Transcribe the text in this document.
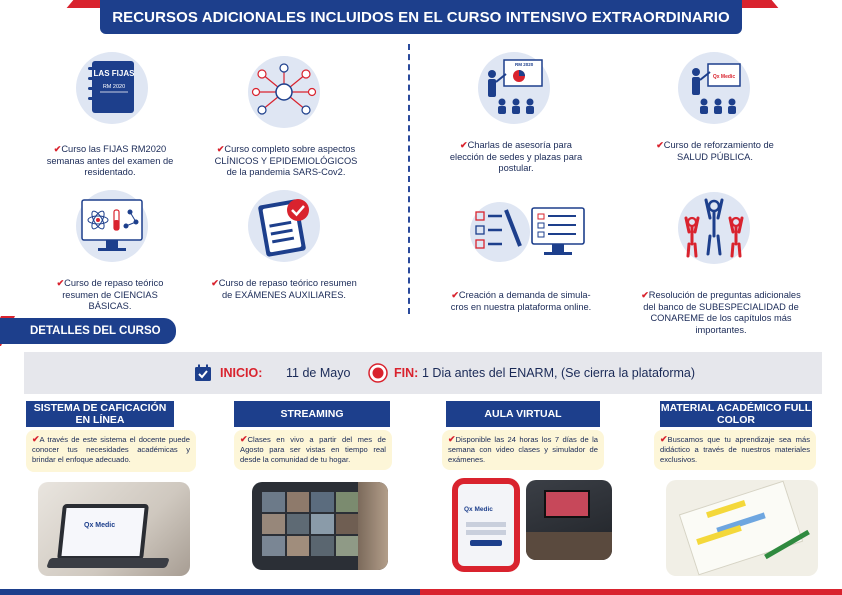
RECURSOS ADICIONALES INCLUIDOS EN EL CURSO INTENSIVO EXTRAORDINARIO
LAS FIJAS
RM 2020
✔Curso las FIJAS RM2020
semanas antes del examen de
residentado.
✔Curso completo sobre aspectos
CLÍNICOS Y EPIDEMIOLÓGICOS
de la pandemia SARS-Cov2.
RM 2020
✔Charlas de asesoría para
elección de sedes y plazas para
postular.
Qx Medic
✔Curso de reforzamiento de
SALUD PÚBLICA.
✔Curso de repaso teórico
resumen de CIENCIAS
BÁSICAS.
✔Curso de repaso teórico resumen
de EXÁMENES AUXILIARES.	✔Creación a demanda de simula-
cros en nuestra plataforma online.
✔Resolución de preguntas adicionales
del banco de SUBESPECIALIDAD de
CONAREME de los capítulos más
importantes.
DETALLES DEL CURSO
INICIO: 11 de Mayo	FIN: 1 Dia antes del ENARM, (Se cierra la plataforma)
SISTEMA DE CAFICACIÓN EN LÍNEA
✔A través de este sistema el docente puede conocer tus necesidades académicas y brindar el enfoque adecuado.
Qx Medic
STREAMING
✔Clases en vivo a partir del mes de Agosto para ser vistas en tiempo real desde la comunidad de tu hogar.
AULA VIRTUAL
✔Disponible las 24 horas los 7 días de la semana con video clases y simulador de exámenes.
Qx Medic
MATERIAL ACADÉMICO FULL COLOR
✔Buscamos que tu aprendizaje sea más didáctico a través de nuestros materiales exclusivos.
